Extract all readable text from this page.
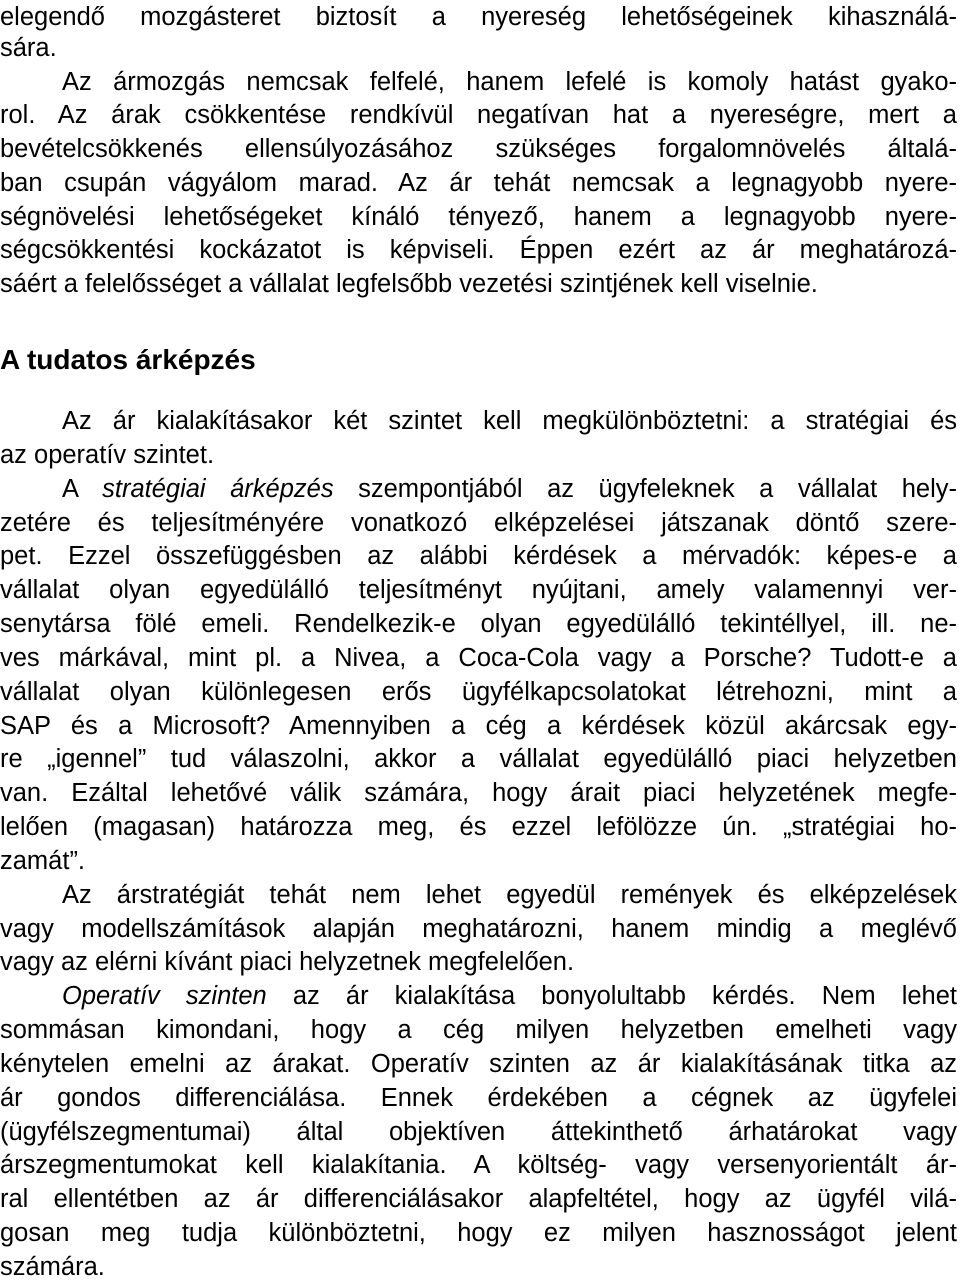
elegendő mozgásteret biztosít a nyereség lehetőségeinek kihasználá-

sára.

Az ármozgás nemcsak felfelé, hanem lefelé is komoly hatást gyako-

rol. Az árak csökkentése rendkívül negatívan hat a nyereségre, mert a

bevételcsökkenés ellensúlyozásához szükséges forgalomnövelés általá-

ban csupán vágyálom marad. Az ár tehát nemcsak a legnagyobb nyere-

ségnövelési lehetőségeket kínáló tényező, hanem a legnagyobb nyere-

ségcsökkentési kockázatot is képviseli. Éppen ezért az ár meghatározá-

sáért a felelősséget a vállalat legfelsőbb vezetési szintjének kell viselnie.

A tudatos árképzés

Az ár kialakításakor két szintet kell megkülönböztetni: a stratégiai és

az operatív szintet.

A stratégiai árképzés szempontjából az ügyfeleknek a vállalat hely-

zetére és teljesítményére vonatkozó elképzelései játszanak döntő szere-

pet. Ezzel összefüggésben az alábbi kérdések a mérvadók: képes-e a

vállalat olyan egyedülálló teljesítményt nyújtani, amely valamennyi ver-

senytársa fölé emeli. Rendelkezik-e olyan egyedülálló tekintéllyel, ill. ne-

ves márkával, mint pl. a Nivea, a Coca-Cola vagy a Porsche? Tudott-e a

vállalat olyan különlegesen erős ügyfélkapcsolatokat létrehozni, mint a

SAP és a Microsoft? Amennyiben a cég a kérdések közül akárcsak egy-

re „igennel” tud válaszolni, akkor a vállalat egyedülálló piaci helyzetben

van. Ezáltal lehetővé válik számára, hogy árait piaci helyzetének megfe-

lelően (magasan) határozza meg, és ezzel lefölözze ún. „stratégiai ho-

zamát”.

Az árstratégiát tehát nem lehet egyedül remények és elképzelések

vagy modellszámítások alapján meghatározni, hanem mindig a meglévő

vagy az elérni kívánt piaci helyzetnek megfelelően.

Operatív szinten az ár kialakítása bonyolultabb kérdés. Nem lehet

sommásan kimondani, hogy a cég milyen helyzetben emelheti vagy

kénytelen emelni az árakat. Operatív szinten az ár kialakításának titka az

ár gondos differenciálása. Ennek érdekében a cégnek az ügyfelei

(ügyfélszegmentumai) által objektíven áttekinthető árhatárokat vagy

árszegmentumokat kell kialakítania. A költség- vagy versenyorientált ár-

ral ellentétben az ár differenciálásakor alapfeltétel, hogy az ügyfél vilá-

gosan meg tudja különböztetni, hogy ez milyen hasznosságot jelent

számára.
